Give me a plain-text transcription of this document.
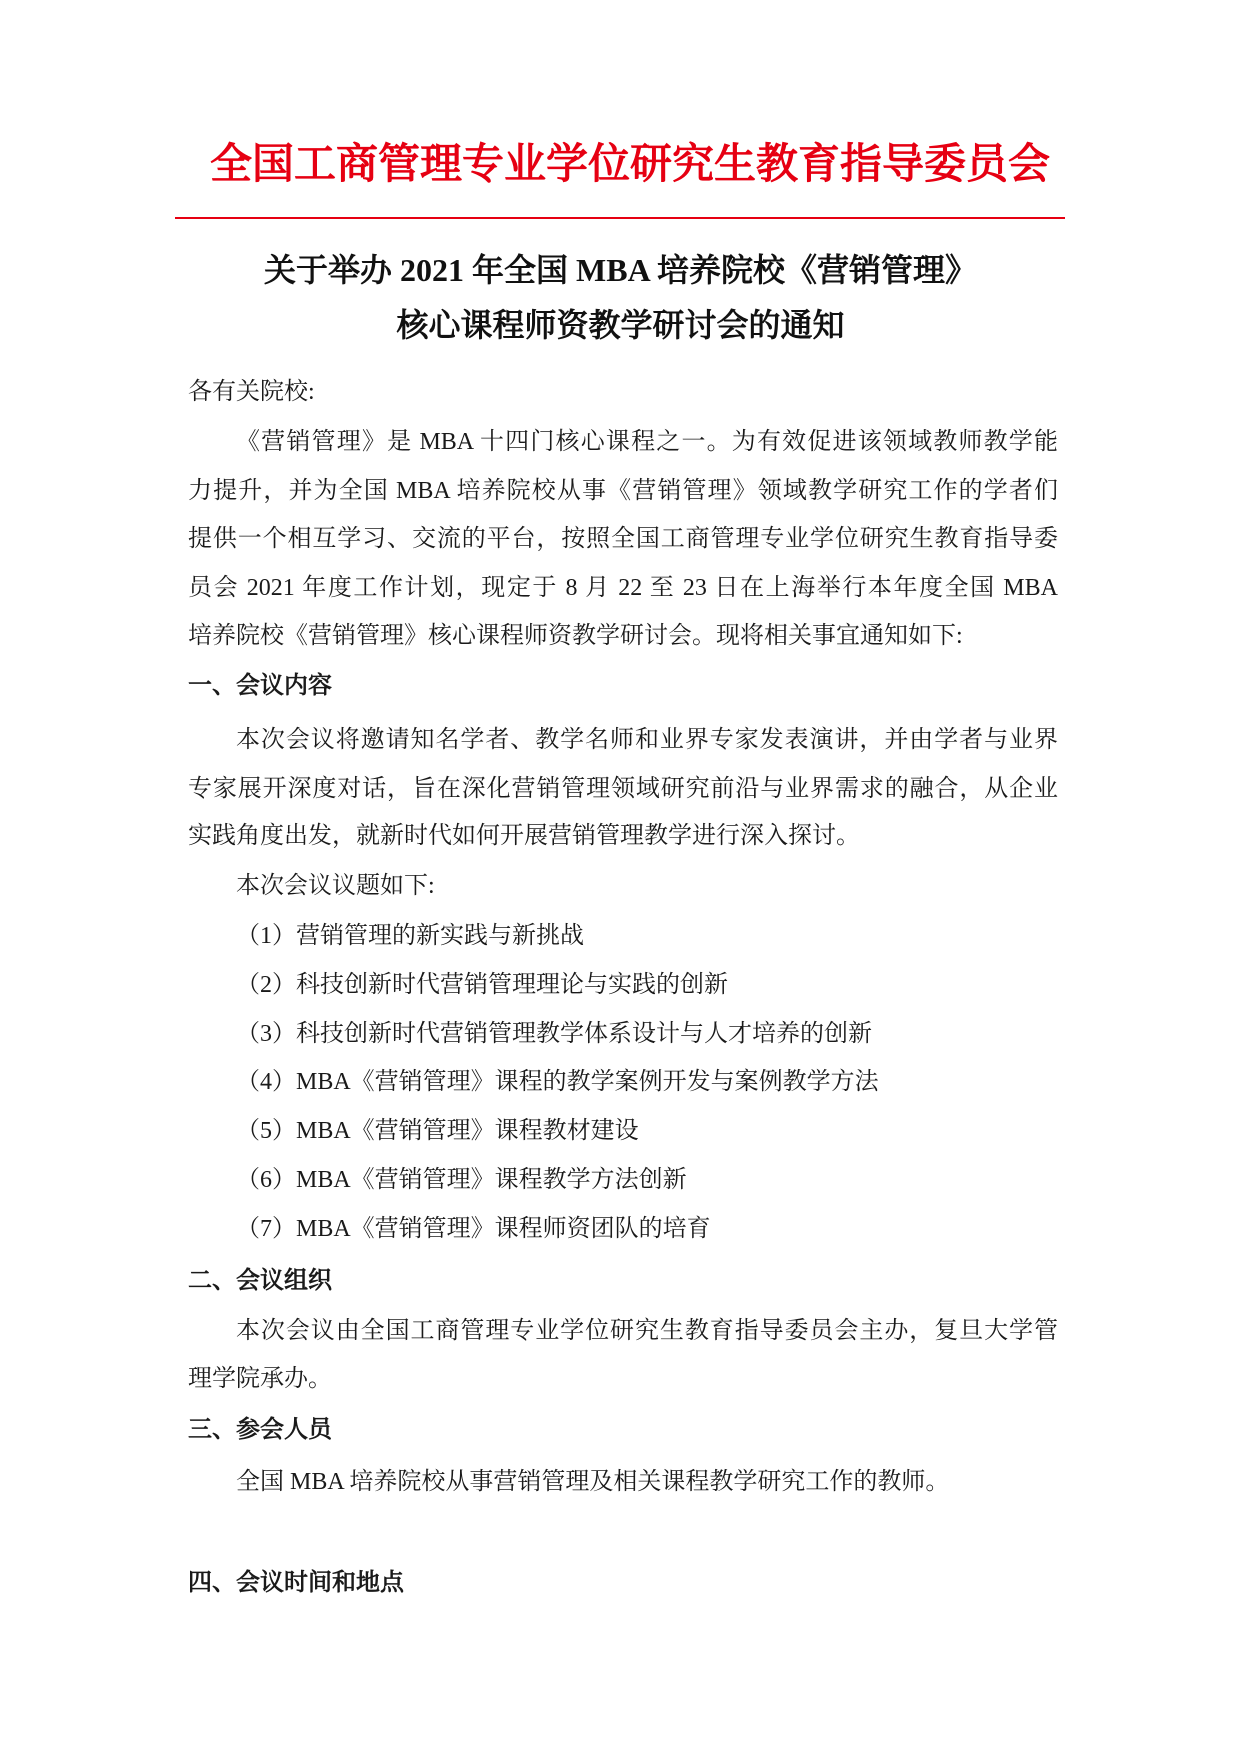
全国工商管理专业学位研究生教育指导委员会
关于举办 2021 年全国 MBA 培养院校《营销管理》
核心课程师资教学研讨会的通知
各有关院校:
《营销管理》是 MBA 十四门核心课程之一。为有效促进该领域教师教学能
力提升，并为全国 MBA 培养院校从事《营销管理》领域教学研究工作的学者们
提供一个相互学习、交流的平台，按照全国工商管理专业学位研究生教育指导委
员会 2021 年度工作计划，现定于 8 月 22 至 23 日在上海举行本年度全国 MBA
培养院校《营销管理》核心课程师资教学研讨会。现将相关事宜通知如下:
一、会议内容
本次会议将邀请知名学者、教学名师和业界专家发表演讲，并由学者与业界
专家展开深度对话，旨在深化营销管理领域研究前沿与业界需求的融合，从企业
实践角度出发，就新时代如何开展营销管理教学进行深入探讨。
本次会议议题如下:
（1）营销管理的新实践与新挑战
（2）科技创新时代营销管理理论与实践的创新
（3）科技创新时代营销管理教学体系设计与人才培养的创新
（4）MBA《营销管理》课程的教学案例开发与案例教学方法
（5）MBA《营销管理》课程教材建设
（6）MBA《营销管理》课程教学方法创新
（7）MBA《营销管理》课程师资团队的培育
二、会议组织
本次会议由全国工商管理专业学位研究生教育指导委员会主办，复旦大学管
理学院承办。
三、参会人员
全国 MBA 培养院校从事营销管理及相关课程教学研究工作的教师。
四、会议时间和地点
